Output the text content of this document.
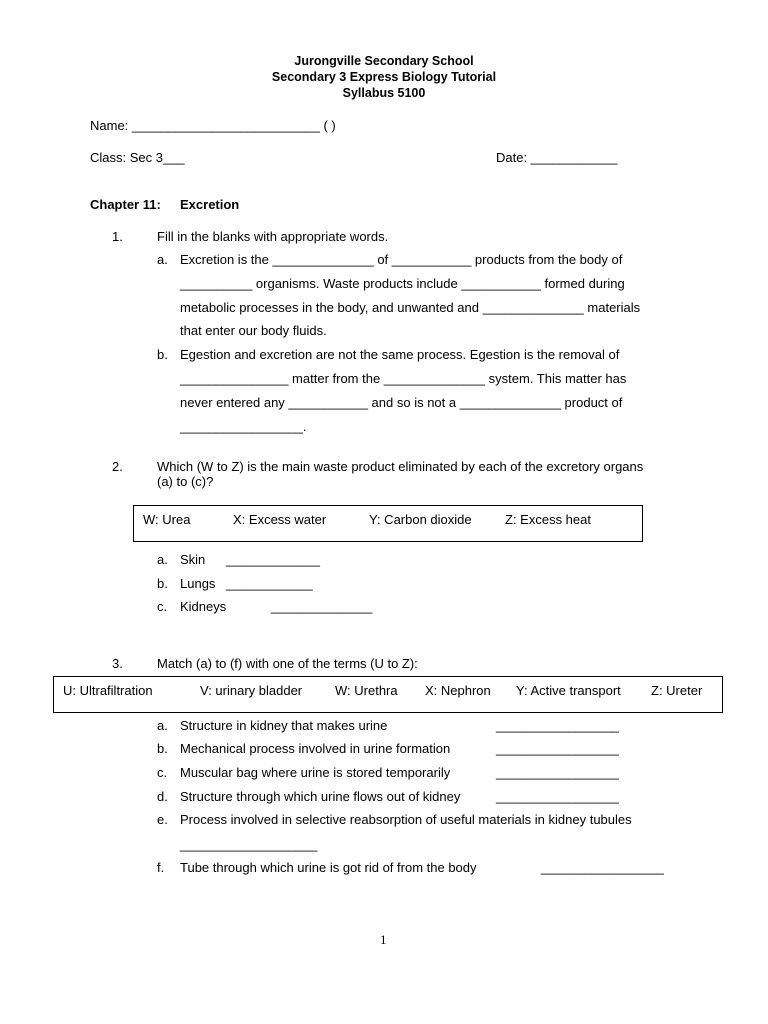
Jurongville Secondary School
Secondary 3 Express Biology Tutorial
Syllabus 5100
Name: __________________________ ( )
Class: Sec 3___	Date: ____________
Chapter 11: Excretion
1.	Fill in the blanks with appropriate words.
a. Excretion is the ______________ of ___________ products from the body of
__________ organisms. Waste products include ___________ formed during
metabolic processes in the body, and unwanted and ______________ materials
that enter our body fluids.
b. Egestion and excretion are not the same process. Egestion is the removal of
_______________ matter from the ______________ system. This matter has
never entered any ___________ and so is not a ______________ product of
_________________.
2.	Which (W to Z) is the main waste product eliminated by each of the excretory organs
(a) to (c)?
W: Urea	X: Excess water	Y: Carbon dioxide	Z: Excess heat
a. Skin _____________
b. Lungs ____________
c. Kidneys	______________
3.	Match (a) to (f) with one of the terms (U to Z):
U: Ultrafiltration	V: urinary bladder	W: Urethra X: Nephron Y: Active transport Z: Ureter
a. Structure in kidney that makes urine	_________________
b. Mechanical process involved in urine formation	_________________
c. Muscular bag where urine is stored temporarily	_________________
d. Structure through which urine flows out of kidney	_________________
e. Process involved in selective reabsorption of useful materials in kidney tubules
___________________
f. Tube through which urine is got rid of from the body	_________________
1
